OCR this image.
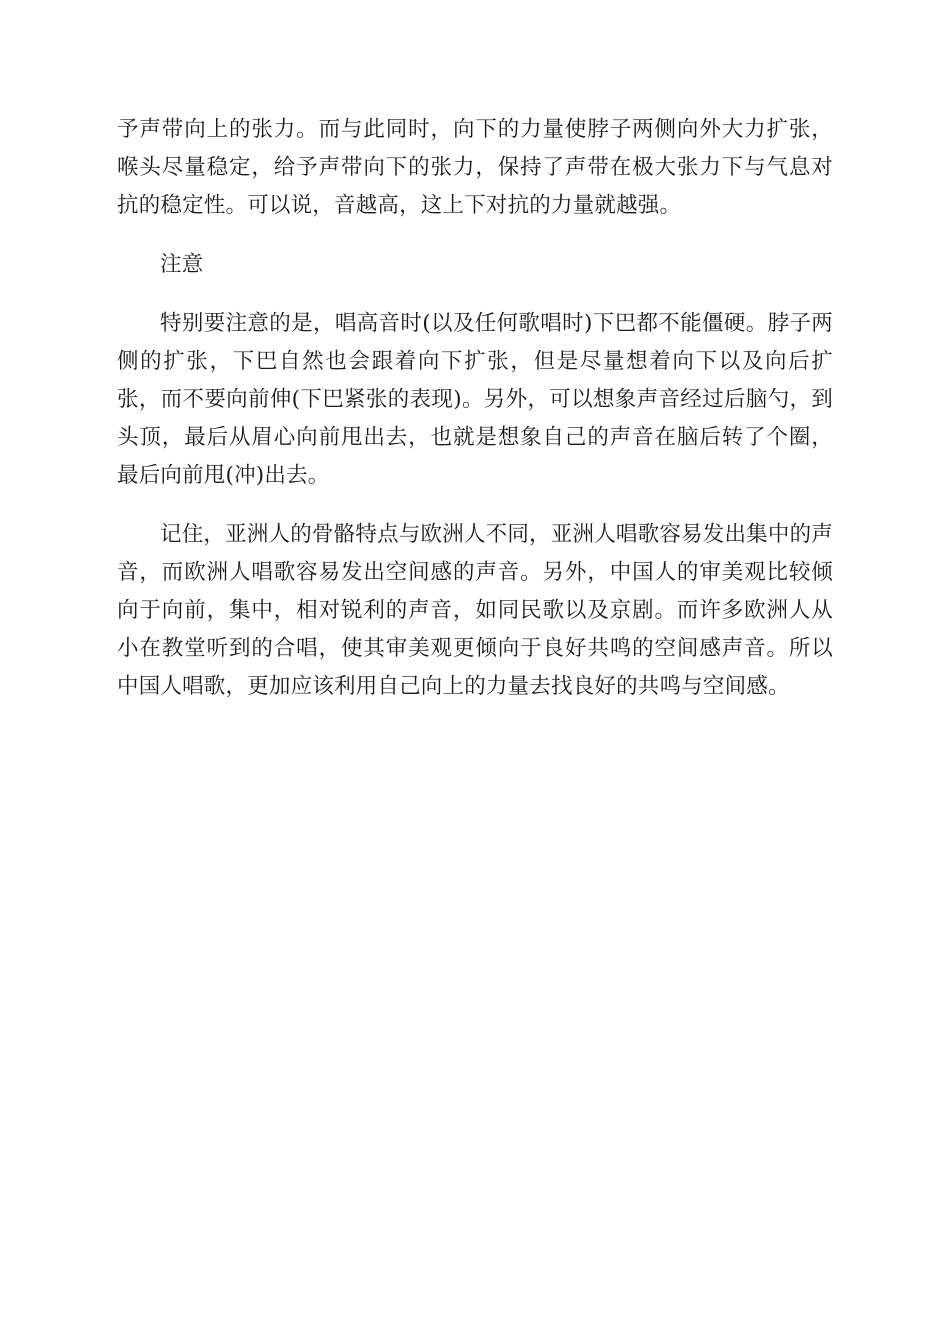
予声带向上的张力。而与此同时，向下的力量使脖子两侧向外大力扩张，喉头尽量稳定，给予声带向下的张力，保持了声带在极大张力下与气息对抗的稳定性。可以说，音越高，这上下对抗的力量就越强。

注意

特别要注意的是，唱高音时(以及任何歌唱时)下巴都不能僵硬。脖子两侧的扩张，下巴自然也会跟着向下扩张，但是尽量想着向下以及向后扩张，而不要向前伸(下巴紧张的表现)。另外，可以想象声音经过后脑勺，到头顶，最后从眉心向前甩出去，也就是想象自己的声音在脑后转了个圈，最后向前甩(冲)出去。

记住，亚洲人的骨骼特点与欧洲人不同，亚洲人唱歌容易发出集中的声音，而欧洲人唱歌容易发出空间感的声音。另外，中国人的审美观比较倾向于向前，集中，相对锐利的声音，如同民歌以及京剧。而许多欧洲人从小在教堂听到的合唱，使其审美观更倾向于良好共鸣的空间感声音。所以中国人唱歌，更加应该利用自己向上的力量去找良好的共鸣与空间感。
